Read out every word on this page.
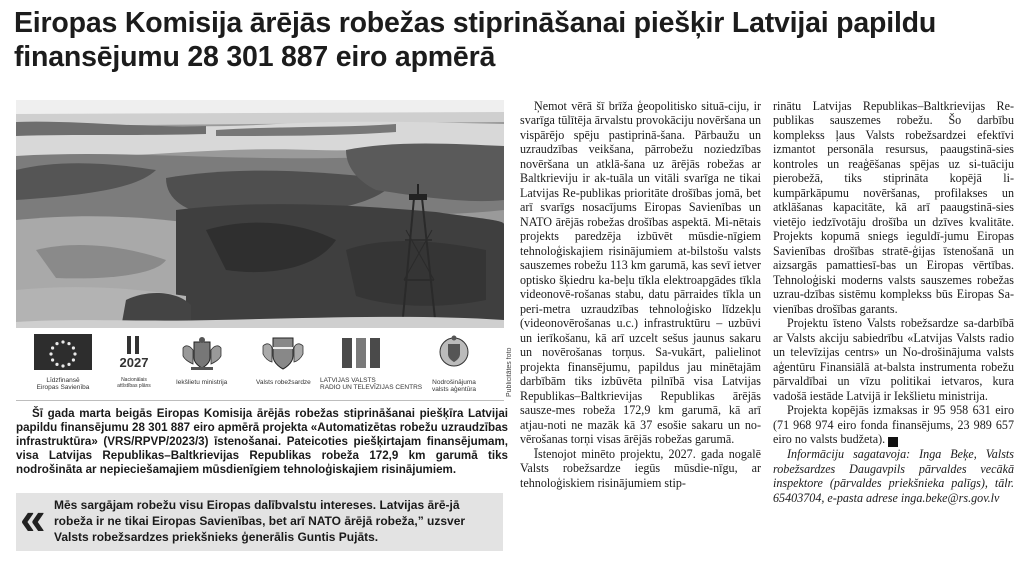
Eiropas Komisija ārējās robežas stiprināšanai piešķir Latvijai papildu finansējumu 28 301 887 eiro apmērā
Līdzfinansē
Eiropas Savienība
2027
Nacionālais
attīstības plāns	Iekšlietu ministrija	Valsts robežsardze LATVIJAS VALSTS
RADIO UN TELEVĪZIJAS CENTRS
Nodrošinājuma
valsts aģentūra	Publicitātes foto

Šī gada marta beigās Eiropas Komisija ārējās robežas stiprināšanai piešķīra Latvijai papildu finansējumu 28 301 887 eiro apmērā projekta «Automatizētas robežu uzraudzības infrastruktūra» (VRS/RPVP/2023/3) īstenošanai. Pateicoties piešķirtajam finansējumam, visa Latvijas Republikas–Baltkrievijas Republikas robeža 172,9 km garumā tiks nodrošināta ar nepieciešamajiem mūsdienīgiem tehnoloģiskajiem risinājumiem.

« Mēs sargājam robežu visu Eiropas dalībvalstu intereses. Latvijas ārē-jā robeža ir ne tikai Eiropas Savienības, bet arī NATO ārējā robeža,” uzsver Valsts robežsardzes priekšnieks ģenerālis Guntis Pujāts.

Ņemot vērā šī brīža ģeopolitisko situā-ciju, ir svarīga tūlītēja ārvalstu provokāciju novēršana un vispārējo spēju pastiprinā-šana. Pārbaužu un uzraudzības veikšana, pārrobežu noziedzības novēršana un atklā-šana uz ārējās robežas ar Baltkrieviju ir ak-tuāla un vitāli svarīga ne tikai Latvijas Re-publikas prioritāte drošības jomā, bet arī svarīgs nosacījums Eiropas Savienības un NATO ārējās robežas drošības aspektā. Mi-nētais projekts paredzēja izbūvēt mūsdie-nīgiem tehnoloģiskajiem risinājumiem at-bilstošu valsts sauszemes robežu 113 km garumā, kas sevī ietver optisko šķiedru ka-beļu tīkla elektroapgādes tīkla videonovē-rošanas stabu, datu pārraides tīkla un peri-metra uzraudzības tehnoloģisko līdzekļu (videonovērošanas u.c.) infrastruktūru – uzbūvi un ierīkošanu, kā arī uzcelt sešus jaunus sakaru un novērošanas torņus. Sa-vukārt, palielinot projekta finansējumu, papildus jau minētajām darbībām tiks izbūvēta pilnībā visa Latvijas Republikas–Baltkrievijas Republikas ārējās sausze-mes robeža 172,9 km garumā, kā arī atjau-noti ne mazāk kā 37 esošie sakaru un no-vērošanas torņi visas ārējās robežas garumā.

Īstenojot minēto projektu, 2027. gada nogalē Valsts robežsardze iegūs mūsdie-nīgu, ar tehnoloģiskiem risinājumiem stip-

rinātu Latvijas Republikas–Baltkrievijas Re-publikas sauszemes robežu. Šo darbību komplekss ļaus Valsts robežsardzei efektīvi izmantot personāla resursus, paaugstinā-sies kontroles un reaģēšanas spējas uz si-tuāciju pierobežā, tiks stiprināta kopējā li-kumpārkāpumu novēršanas, profilakses un atklāšanas kapacitāte, kā arī paaugstinā-sies vietējo iedzīvotāju drošība un dzīves kvalitāte. Projekts kopumā sniegs ieguldī-jumu Eiropas Savienības drošības stratē-ģijas īstenošanā un aizsargās pamattiesī-bas un Eiropas vērtības. Tehnoloģiski moderns valsts sauszemes robežas uzrau-dzības sistēmu komplekss būs Eiropas Sa-vienības drošības garants.

Projektu īsteno Valsts robežsardze sa-darbībā ar Valsts akciju sabiedrību «Latvijas Valsts radio un televīzijas centrs» un No-drošinājuma valsts aģentūru Finansiālā at-balsta instrumenta robežu pārvaldībai un vīzu politikai ietvaros, kura vadošā iestāde Latvijā ir Iekšlietu ministrija.

Projekta kopējās izmaksas ir 95 958 631 eiro (71 968 974 eiro fonda finansējums, 23 989 657 eiro no valsts budžeta). V

Informāciju sagatavoja: Inga Beķe, Valsts robežsardzes Daugavpils pārvaldes vecākā inspektore (pārvaldes priekšnieka palīgs), tālr. 65403704, e-pasta adrese inga.beke@rs.gov.lv
